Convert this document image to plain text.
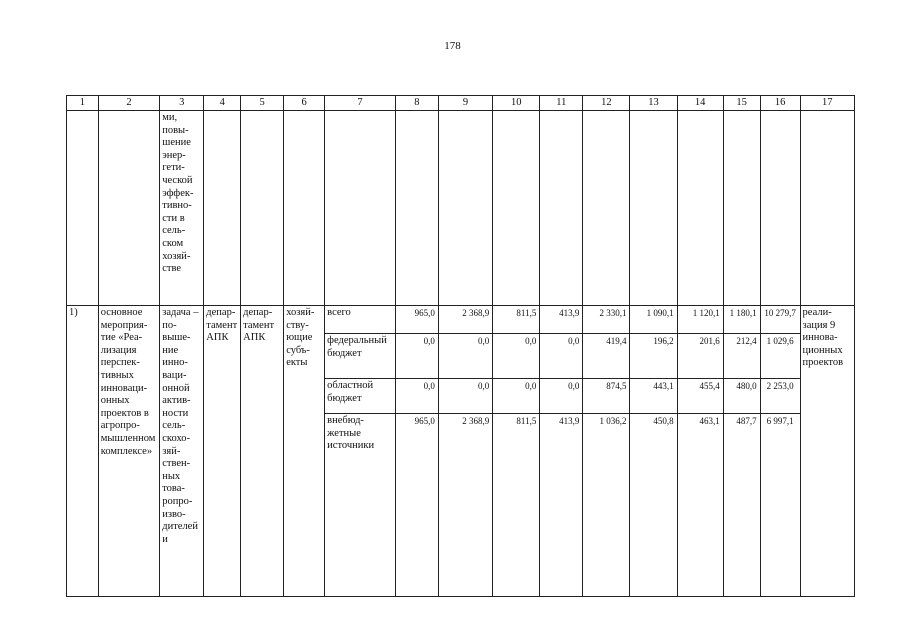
178
1	2	3	4	5	6	7	8	9	10	11	12	13	14	15	16	17
		ми, повышение энергетической эффективности в сельском хозяйстве														
1)	основное мероприятие «Реализация перспективных инновационных проектов в агропромышленном комплексе»	задача – повышение инновационной активности сельскохозяйственных товаропроизводителей и	департамент АПК	департамент АПК	хозяйствующие субъекты	всего	965,0	2 368,9	811,5	413,9	2 330,1	1 090,1	1 120,1	1 180,1	10 279,7	реализация 9 инновационных проектов
						федеральный бюджет	0,0	0,0	0,0	0,0	419,4	196,2	201,6	212,4	1 029,6	
						областной бюджет	0,0	0,0	0,0	0,0	874,5	443,1	455,4	480,0	2 253,0	
						внебюджетные источники	965,0	2 368,9	811,5	413,9	1 036,2	450,8	463,1	487,7	6 997,1	
